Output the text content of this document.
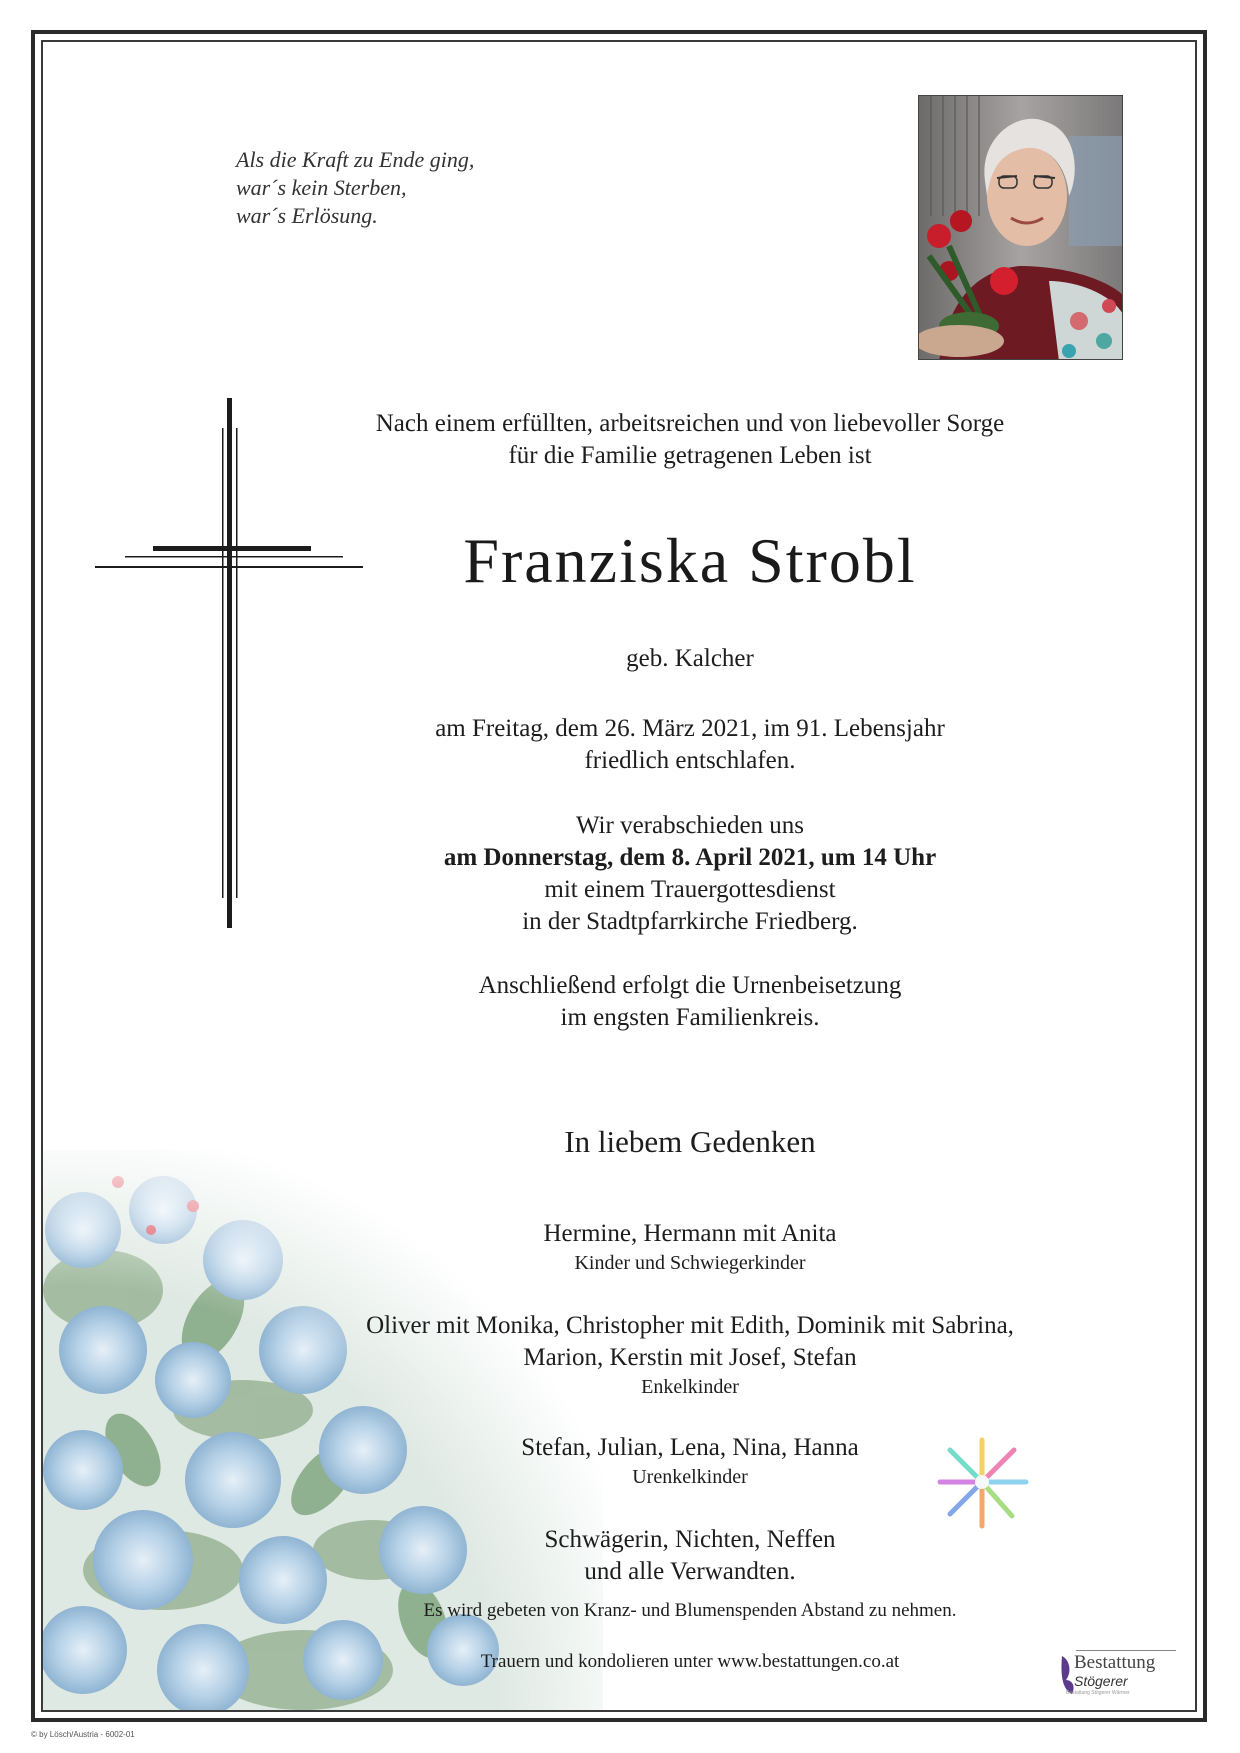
Als die Kraft zu Ende ging,
war´s kein Sterben,
war´s Erlösung.
Nach einem erfüllten, arbeitsreichen und von liebevoller Sorge
für die Familie getragenen Leben ist
Franziska Strobl
geb. Kalcher
am Freitag, dem 26. März 2021, im 91. Lebensjahr
friedlich entschlafen.
Wir verabschieden uns
am Donnerstag, dem 8. April 2021, um 14 Uhr
mit einem Trauergottesdienst
in der Stadtpfarrkirche Friedberg.
Anschließend erfolgt die Urnenbeisetzung
im engsten Familienkreis.
In liebem Gedenken
Hermine, Hermann mit Anita
Kinder und Schwiegerkinder
Oliver mit Monika, Christopher mit Edith, Dominik mit Sabrina,
Marion, Kerstin mit Josef, Stefan
Enkelkinder
Stefan, Julian, Lena, Nina, Hanna
Urenkelkinder
Schwägerin, Nichten, Neffen
und alle Verwandten.
Es wird gebeten von Kranz- und Blumenspenden Abstand zu nehmen.
Trauern und kondolieren unter www.bestattungen.co.at	Bestattung
Stögerer
Bestattung Stögerer Wärmer
© by Lösch/Austria - 6002-01
